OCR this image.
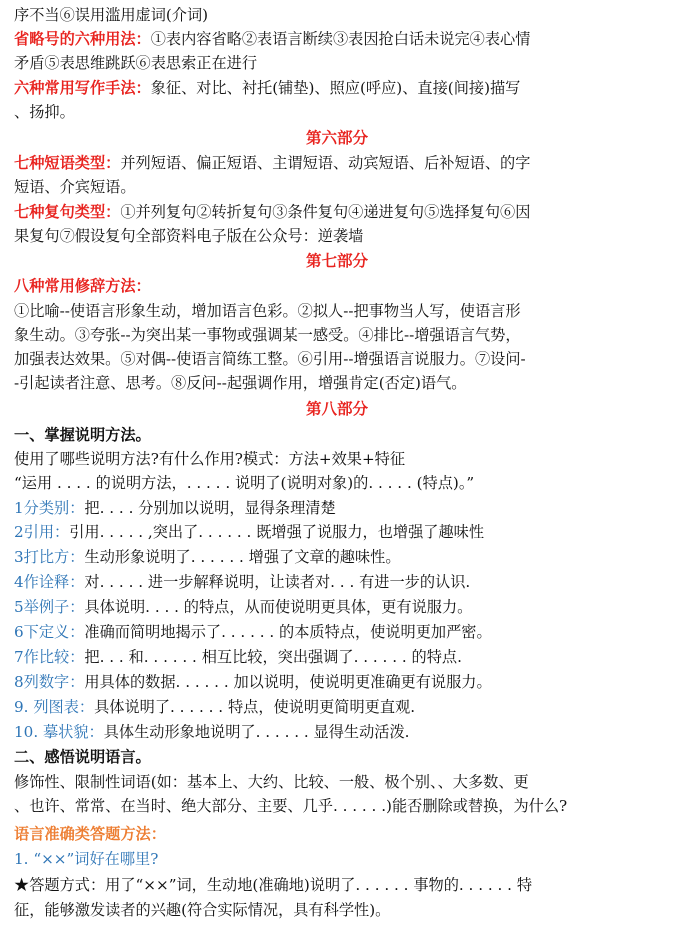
序不当⑥误用滥用虚词(介词)
省略号的六种用法：①表内容省略②表语言断续③表因抢白话未说完④表心情
矛盾⑤表思维跳跃⑥表思索正在进行
六种常用写作手法：象征、对比、衬托(铺垫)、照应(呼应)、直接(间接)描写
、扬抑。
第六部分
七种短语类型：并列短语、偏正短语、主谓短语、动宾短语、后补短语、的字
短语、介宾短语。
七种复句类型：①并列复句②转折复句③条件复句④递进复句⑤选择复句⑥因
果复句⑦假设复句全部资料电子版在公众号：逆袭墙
第七部分
八种常用修辞方法：
①比喻--使语言形象生动，增加语言色彩。②拟人--把事物当人写，使语言形
象生动。③夸张--为突出某一事物或强调某一感受。④排比--增强语言气势，
加强表达效果。⑤对偶--使语言简练工整。⑥引用--增强语言说服力。⑦设问-
-引起读者注意、思考。⑧反问--起强调作用，增强肯定(否定)语气。
第八部分
一、掌握说明方法。
使用了哪些说明方法?有什么作用?模式：方法+效果+特征
“运用 . . . . 的说明方法，. . . . . 说明了(说明对象)的. . . . . (特点)。”
1分类别：把. . . . 分别加以说明，显得条理清楚
2引用：引用. . . . . ,突出了. . . . . . 既增强了说服力，也增强了趣味性
3打比方：生动形象说明了. . . . . . 增强了文章的趣味性。
4作诠释：对. . . . . 进一步解释说明，让读者对. . . 有进一步的认识.
5举例子：具体说明. . . . 的特点，从而使说明更具体，更有说服力。
6下定义：准确而简明地揭示了. . . . . . 的本质特点，使说明更加严密。
7作比较：把. . . 和. . . . . . 相互比较，突出强调了. . . . . . 的特点.
8列数字：用具体的数据. . . . . . 加以说明，使说明更准确更有说服力。
9. 列图表：具体说明了. . . . . . 特点，使说明更简明更直观.
10. 摹状貌：具体生动形象地说明了. . . . . . 显得生动活泼.
二、感悟说明语言。
修饰性、限制性词语(如：基本上、大约、比较、一般、极个别、、大多数、更
、也许、常常、在当时、绝大部分、主要、几乎. . . . . .)能否删除或替换，为什么?
语言准确类答题方法：
1. “××”词好在哪里?
★答题方式：用了“××”词，生动地(准确地)说明了. . . . . . 事物的. . . . . . 特
征，能够激发读者的兴趣(符合实际情况，具有科学性)。
